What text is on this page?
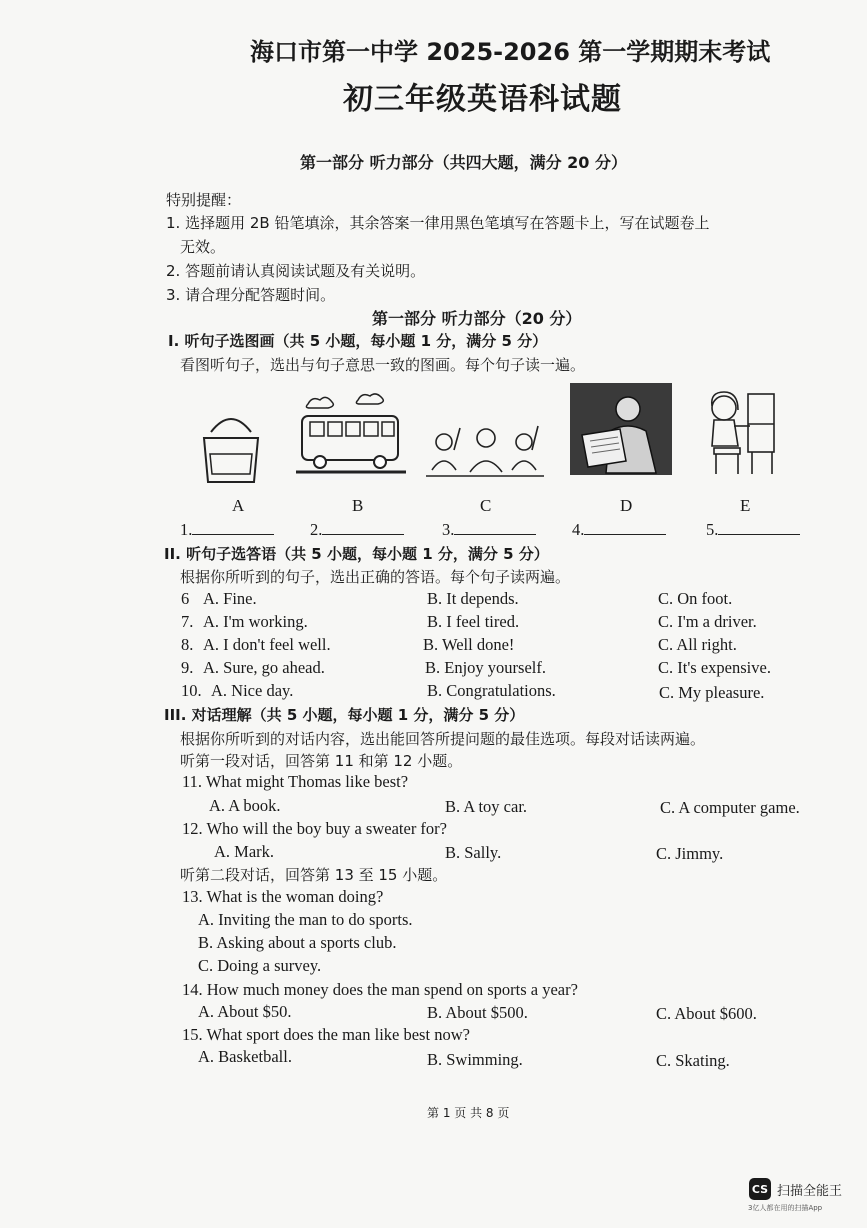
海口市第一中学 2025-2026 第一学期期末考试
初三年级英语科试题
第一部分 听力部分（共四大题，满分 20 分）
特别提醒：
1. 选择题用 2B 铅笔填涂，其余答案一律用黑色笔填写在答题卡上，写在试题卷上
无效。
2. 答题前请认真阅读试题及有关说明。
3. 请合理分配答题时间。
第一部分 听力部分（20 分）
I. 听句子选图画（共 5 小题，每小题 1 分，满分 5 分）
看图听句子，选出与句子意思一致的图画。每个句子读一遍。
A	B	C	D	E
1.	2.	3.	4.	5.
II. 听句子选答语（共 5 小题，每小题 1 分，满分 5 分）
根据你所听到的句子，选出正确的答语。每个句子读两遍。
6 A. Fine.	B. It depends.	C. On foot.
7. A. I'm working.	B. I feel tired.	C. I'm a driver.
8. A. I don't feel well.	B. Well done!	C. All right.
9. A. Sure, go ahead.	B. Enjoy yourself.	C. It's expensive.
10. A. Nice day.	B. Congratulations.	C. My pleasure.
III. 对话理解（共 5 小题，每小题 1 分，满分 5 分）
根据你所听到的对话内容，选出能回答所提问题的最佳选项。每段对话读两遍。
听第一段对话，回答第 11 和第 12 小题。
11. What might Thomas like best?
A. A book.	B. A toy car.	C. A computer game.
12. Who will the boy buy a sweater for?
A. Mark.	B. Sally.	C. Jimmy.
听第二段对话，回答第 13 至 15 小题。
13. What is the woman doing?
A. Inviting the man to do sports.
B. Asking about a sports club.
C. Doing a survey.
14. How much money does the man spend on sports a year?
A. About $50.	B. About $500.	C. About $600.
15. What sport does the man like best now?
A. Basketball.	B. Swimming.	C. Skating.
第 1 页 共 8 页
CS 扫描全能王
3亿人都在用的扫描App
